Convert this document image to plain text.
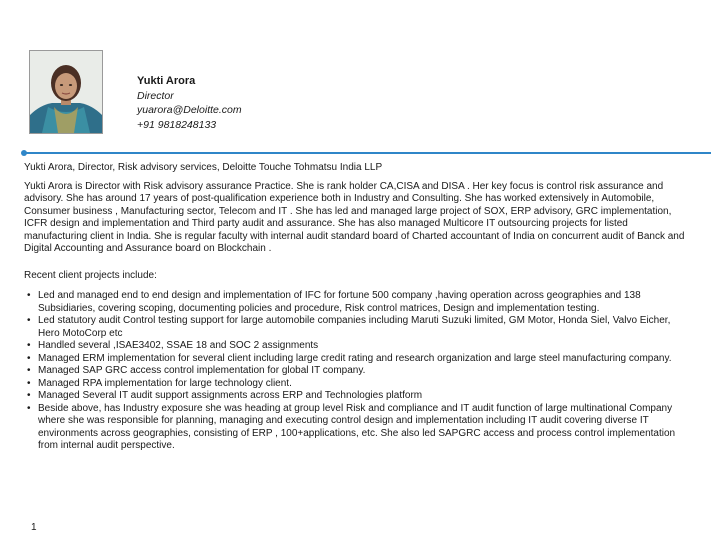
Yukti Arora
Director
yuarora@Deloitte.com
+91 9818248133

Yukti Arora, Director, Risk advisory services, Deloitte Touche Tohmatsu India LLP

Yukti Arora is Director with Risk advisory assurance Practice. She is rank holder CA,CISA and DISA . Her key focus is control risk assurance and advisory. She has around 17 years of post-qualification experience both in Industry and Consulting. She has worked extensively in Automobile, Consumer business , Manufacturing sector, Telecom and IT . She has led and managed large project of SOX, ERP advisory, GRC implementation, ICFR design and implementation and Third party audit and assurance. She has also managed Multicore IT outsourcing projects for listed manufacturing client in India. She is regular faculty with internal audit standard board of Charted accountant of India on concurrent audit of Banck and Digital Accounting and Assurance board on Blockchain .

Recent client projects include:

• Led and managed end to end design and implementation of IFC for fortune 500 company ,having operation across geographies and 138 Subsidiaries, covering scoping, documenting policies and procedure, Risk control matrices, Design and implementation testing.
• Led statutory audit Control testing support for large automobile companies including Maruti Suzuki limited, GM Motor, Honda Siel, Valvo Eicher, Hero MotoCorp etc
• Handled several ,ISAE3402, SSAE 18 and SOC 2 assignments
• Managed ERM implementation for several client including large credit rating and research organization and large steel manufacturing company.
• Managed SAP GRC access control implementation for global IT company.
• Managed RPA implementation for large technology client.
• Managed Several IT audit support assignments across ERP and Technologies platform
• Beside above, has Industry exposure she was heading at group level Risk and compliance and IT audit function of large multinational Company where she was responsible for planning, managing and executing control design and implementation including IT audit covering diverse IT environments across geographies, consisting of ERP , 100+applications, etc. She also led SAPGRC access and process control implementation from internal audit perspective.
1
